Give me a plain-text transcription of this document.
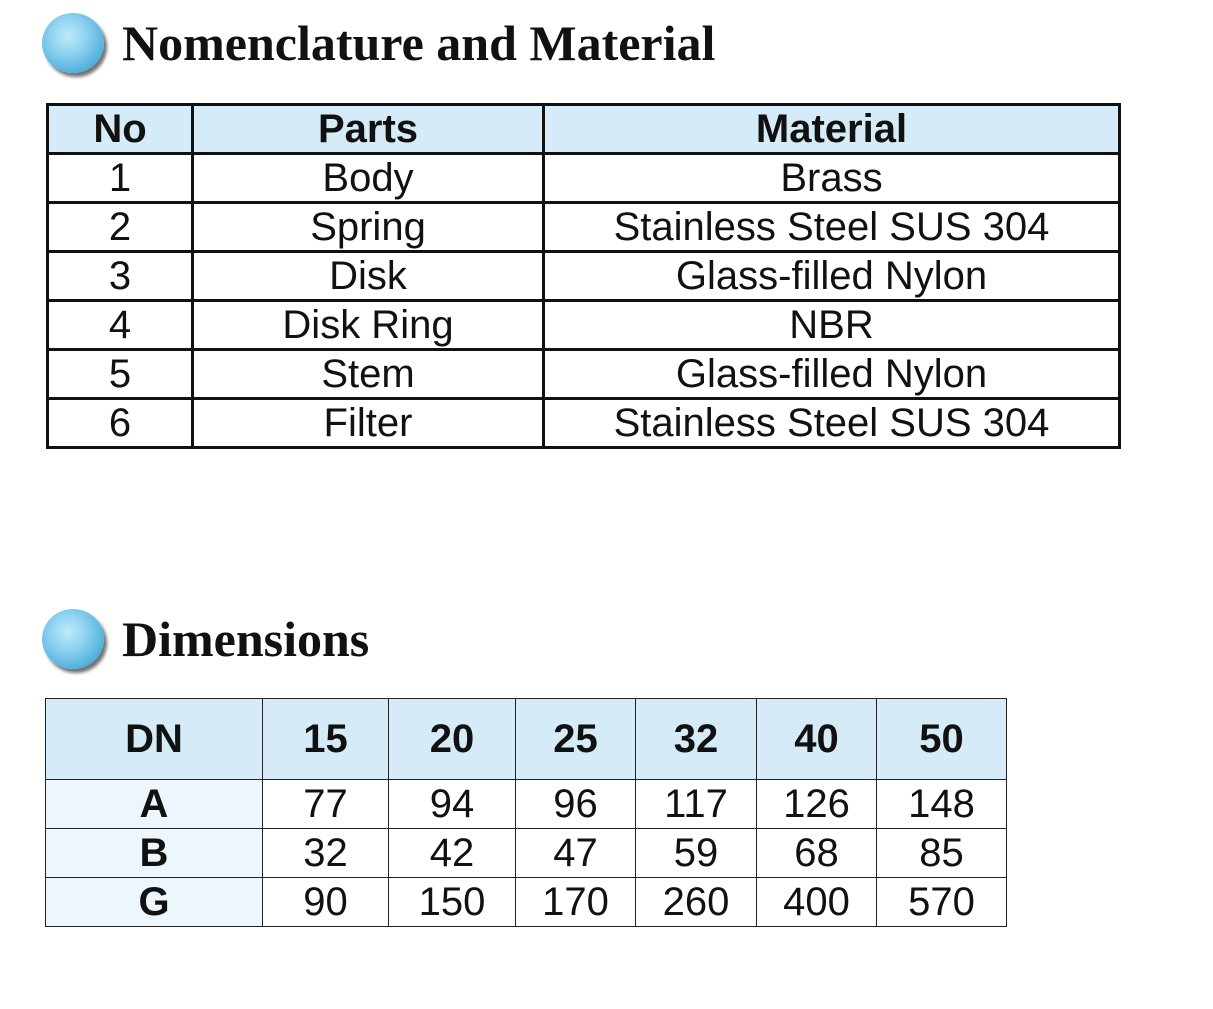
Nomenclature and Material
No	Parts	Material
1	Body	Brass
2	Spring	Stainless Steel SUS 304
3	Disk	Glass-filled Nylon
4	Disk Ring	NBR
5	Stem	Glass-filled Nylon
6	Filter	Stainless Steel SUS 304
Dimensions
DN	15	20	25	32	40	50
A	77	94	96	117	126	148
B	32	42	47	59	68	85
G	90	150	170	260	400	570
